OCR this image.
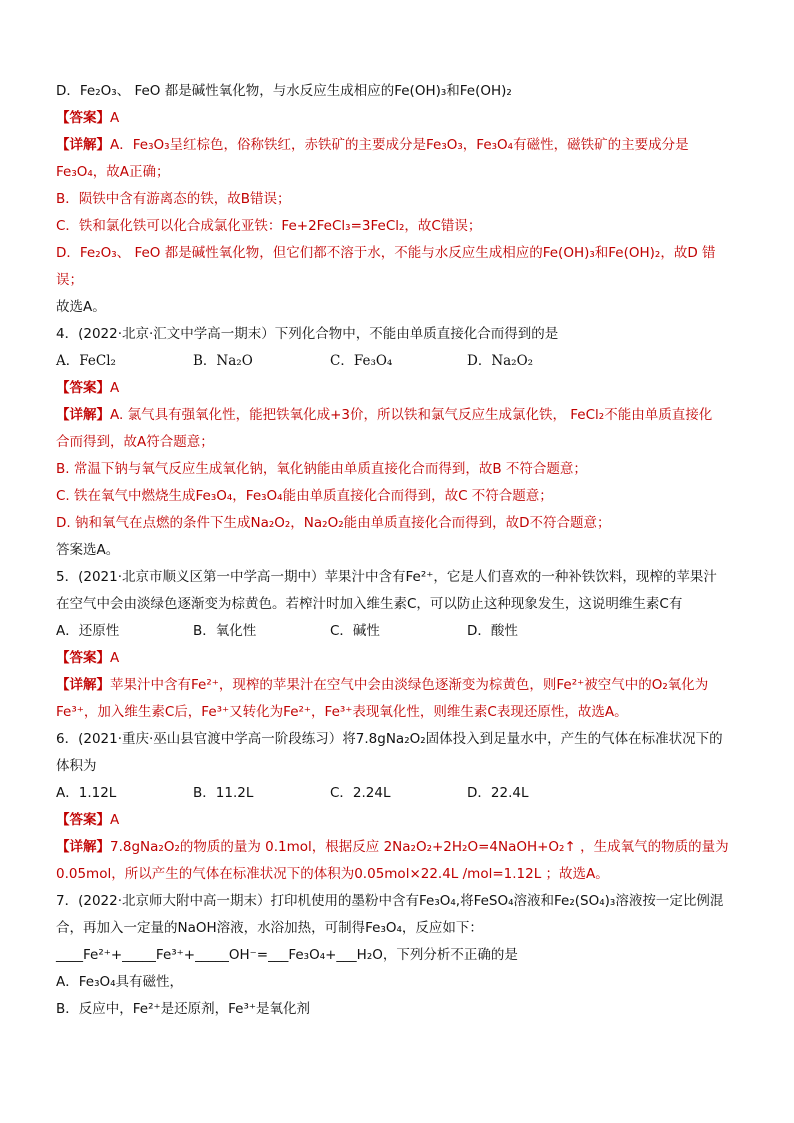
D．Fe₂O₃、 FeO 都是碱性氧化物，与水反应生成相应的Fe(OH)₃和Fe(OH)₂
【答案】A
【详解】A．Fe₃O₃呈红棕色，俗称铁红，赤铁矿的主要成分是Fe₃O₃，Fe₃O₄有磁性，磁铁矿的主要成分是
Fe₃O₄，故A正确；
B．陨铁中含有游离态的铁，故B错误；
C．铁和氯化铁可以化合成氯化亚铁：Fe+2FeCl₃=3FeCl₂，故C错误；
D．Fe₂O₃、 FeO 都是碱性氧化物，但它们都不溶于水，不能与水反应生成相应的Fe(OH)₃和Fe(OH)₂，故D 错
误；
故选A。
4．(2022·北京·汇文中学高一期末）下列化合物中，不能由单质直接化合而得到的是
A．FeCl₂	B．Na₂O	C．Fe₃O₄	D．Na₂O₂
【答案】A
【详解】A. 氯气具有强氧化性，能把铁氧化成+3价，所以铁和氯气反应生成氯化铁， FeCl₂不能由单质直接化
合而得到，故A符合题意；
B. 常温下钠与氧气反应生成氧化钠，氧化钠能由单质直接化合而得到，故B 不符合题意；
C. 铁在氧气中燃烧生成Fe₃O₄，Fe₃O₄能由单质直接化合而得到，故C 不符合题意；
D. 钠和氧气在点燃的条件下生成Na₂O₂，Na₂O₂能由单质直接化合而得到，故D不符合题意；
答案选A。
5．(2021·北京市顺义区第一中学高一期中）苹果汁中含有Fe²⁺，它是人们喜欢的一种补铁饮料，现榨的苹果汁
在空气中会由淡绿色逐渐变为棕黄色。若榨汁时加入维生素C，可以防止这种现象发生，这说明维生素C有
A．还原性	B．氧化性	C．碱性	D．酸性
【答案】A
【详解】苹果汁中含有Fe²⁺，现榨的苹果汁在空气中会由淡绿色逐渐变为棕黄色，则Fe²⁺被空气中的O₂氧化为
Fe³⁺，加入维生素C后，Fe³⁺又转化为Fe²⁺，Fe³⁺表现氧化性，则维生素C表现还原性，故选A。
6．(2021·重庆·巫山县官渡中学高一阶段练习）将7.8gNa₂O₂固体投入到足量水中，产生的气体在标准状况下的
体积为
A．1.12L	B．11.2L	C．2.24L	D．22.4L
【答案】A
【详解】7.8gNa₂O₂的物质的量为 0.1mol，根据反应 2Na₂O₂+2H₂O=4NaOH+O₂↑ ，生成氧气的物质的量为
0.05mol，所以产生的气体在标准状况下的体积为0.05mol×22.4L /mol=1.12L ；故选A。
7．(2022·北京师大附中高一期末）打印机使用的墨粉中含有Fe₃O₄,将FeSO₄溶液和Fe₂(SO₄)₃溶液按一定比例混
合，再加入一定量的NaOH溶液，水浴加热，可制得Fe₃O₄，反应如下：
____Fe²⁺+_____Fe³⁺+_____OH⁻=___Fe₃O₄+___H₂O，下列分析不正确的是
A．Fe₃O₄具有磁性，
B．反应中，Fe²⁺是还原剂，Fe³⁺是氧化剂
